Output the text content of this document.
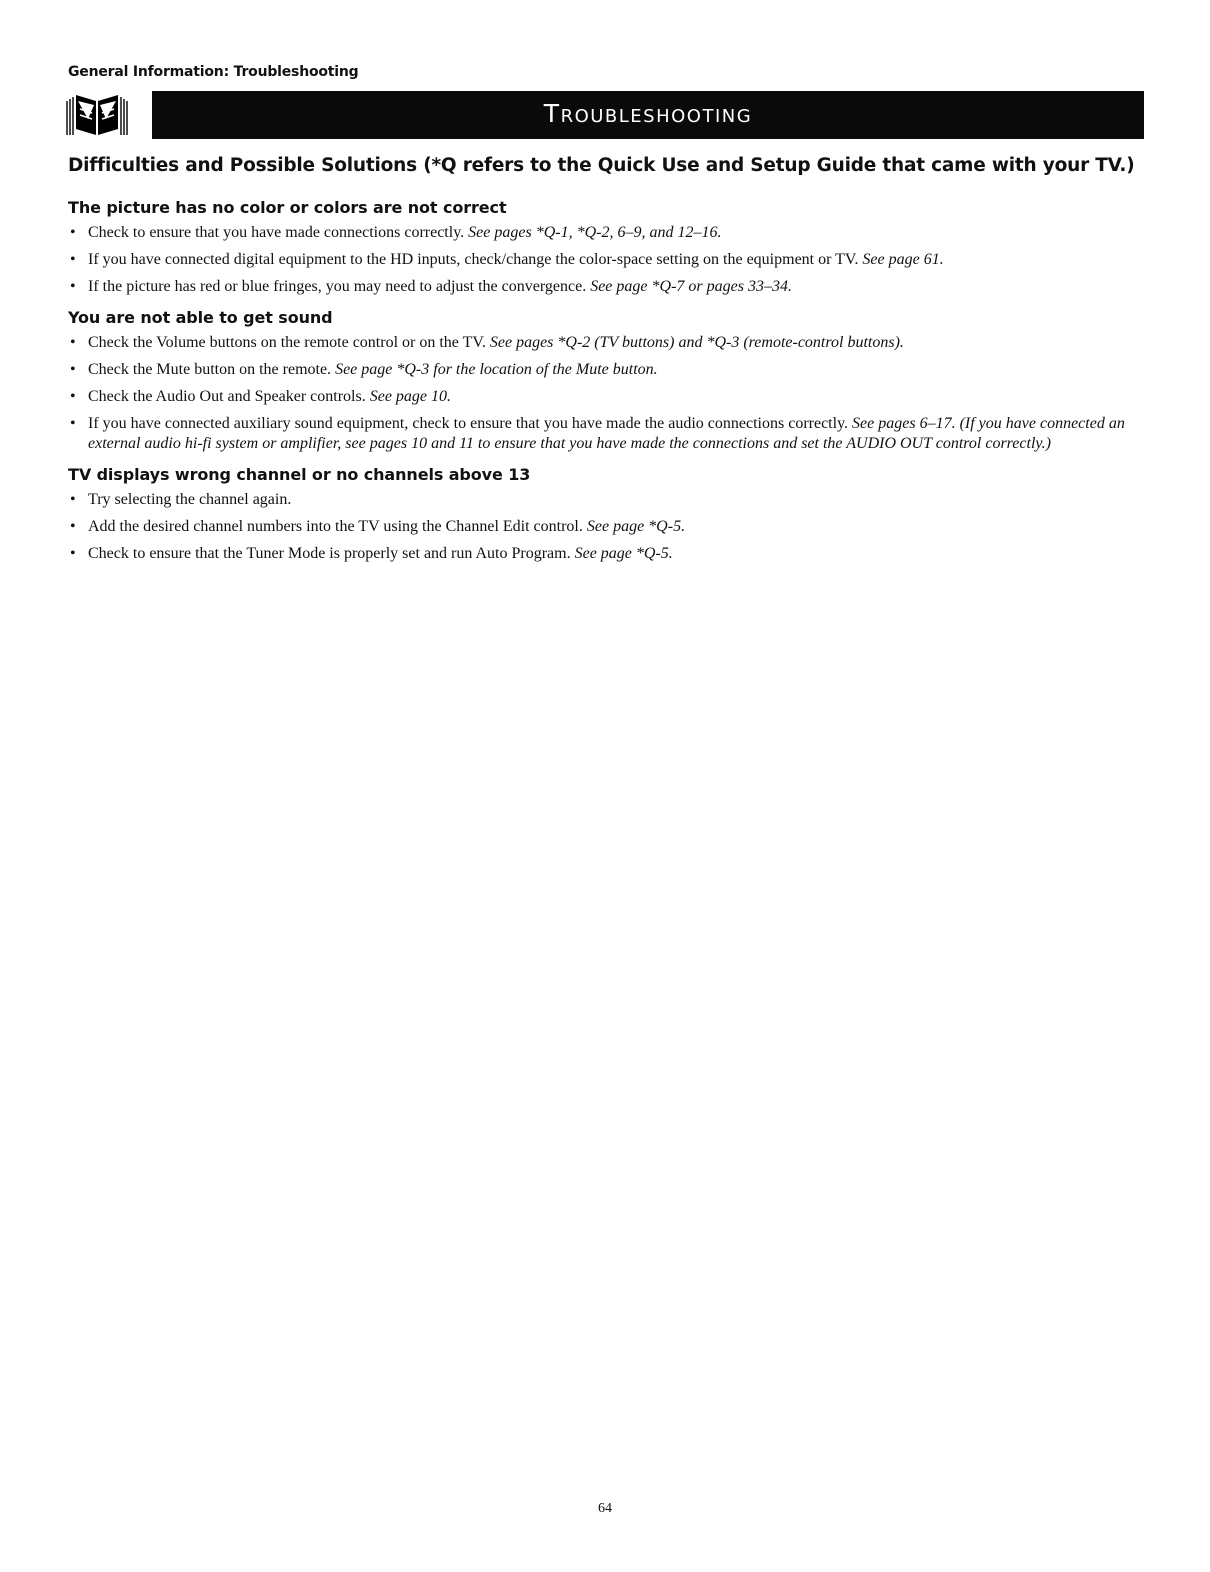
General Information: Troubleshooting
Troubleshooting
Difficulties and Possible Solutions (*Q refers to the Quick Use and Setup Guide that came with your TV.)
The picture has no color or colors are not correct
• Check to ensure that you have made connections correctly. See pages *Q-1, *Q-2, 6–9, and 12–16.
• If you have connected digital equipment to the HD inputs, check/change the color-space setting on the equipment or TV. See page 61.
• If the picture has red or blue fringes, you may need to adjust the convergence. See page *Q-7 or pages 33–34.
You are not able to get sound
• Check the Volume buttons on the remote control or on the TV. See pages *Q-2 (TV buttons) and *Q-3 (remote-control buttons).
• Check the Mute button on the remote. See page *Q-3 for the location of the Mute button.
• Check the Audio Out and Speaker controls. See page 10.
• If you have connected auxiliary sound equipment, check to ensure that you have made the audio connections correctly. See pages 6–17. (If you have connected an external audio hi-fi system or amplifier, see pages 10 and 11 to ensure that you have made the connections and set the AUDIO OUT control correctly.)
TV displays wrong channel or no channels above 13
• Try selecting the channel again.
• Add the desired channel numbers into the TV using the Channel Edit control. See page *Q-5.
• Check to ensure that the Tuner Mode is properly set and run Auto Program. See page *Q-5.
64
